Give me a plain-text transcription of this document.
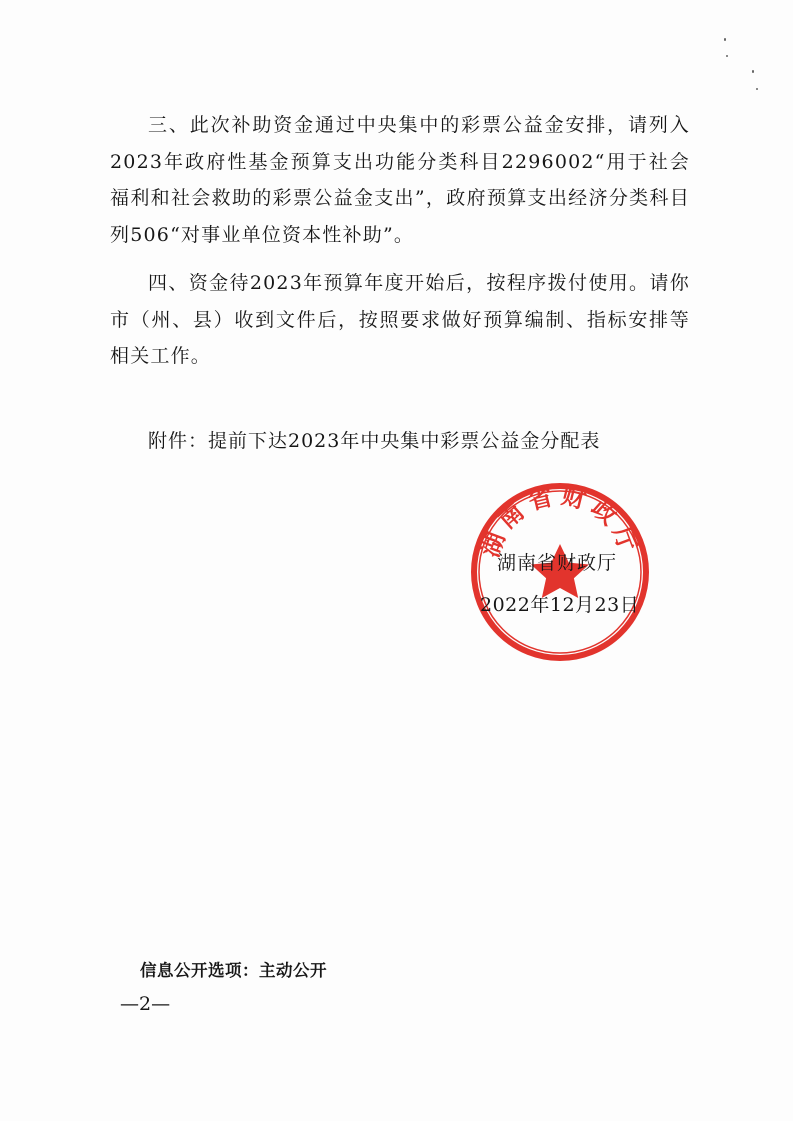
三、此次补助资金通过中央集中的彩票公益金安排，请列入2023年政府性基金预算支出功能分类科目2296002“用于社会福利和社会救助的彩票公益金支出”，政府预算支出经济分类科目列506“对事业单位资本性补助”。

四、资金待2023年预算年度开始后，按程序拨付使用。请你市（州、县）收到文件后，按照要求做好预算编制、指标安排等相关工作。

附件：提前下达2023年中央集中彩票公益金分配表
湖南省财政厅
湖南省财政厅
2022年12月23日
信息公开选项：主动公开
—2—
